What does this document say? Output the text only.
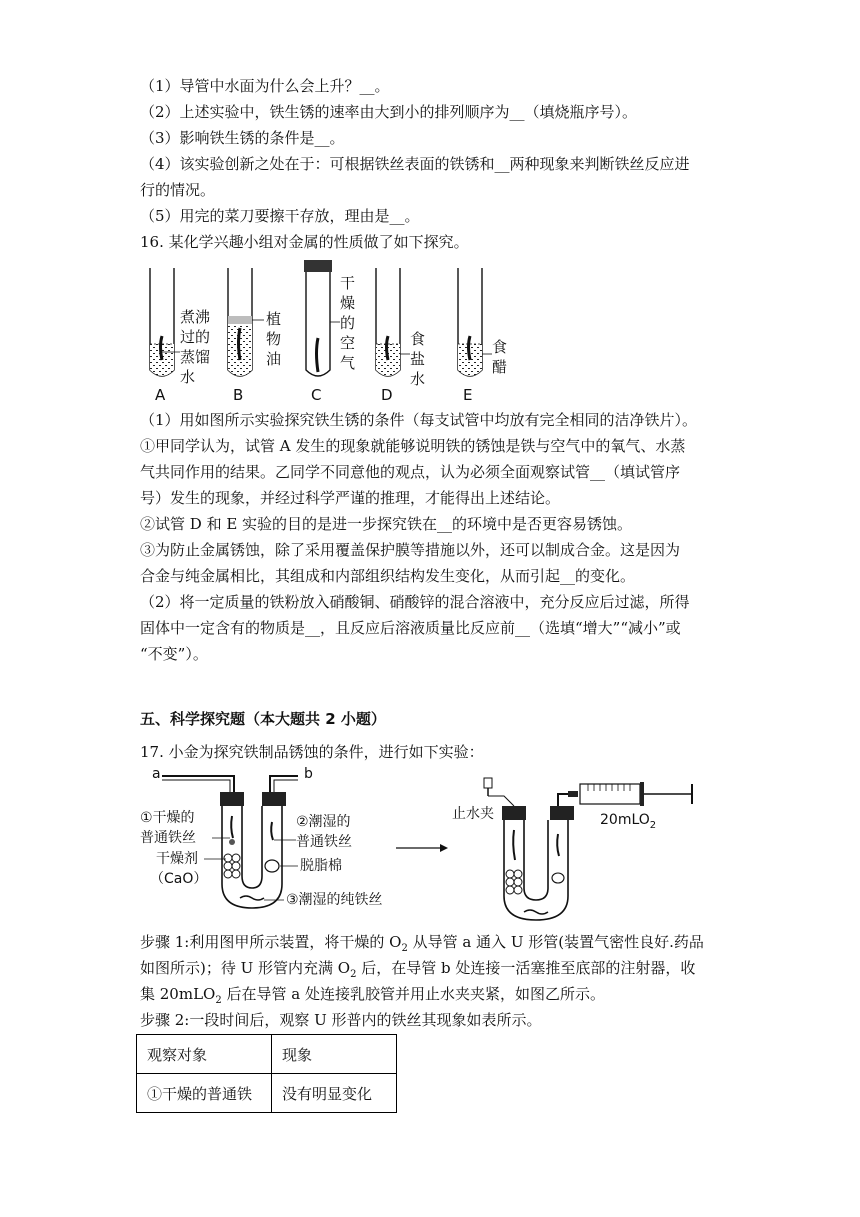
（1）导管中水面为什么会上升？__。
（2）上述实验中，铁生锈的速率由大到小的排列顺序为__（填烧瓶序号）。
（3）影响铁生锈的条件是__。
（4）该实验创新之处在于：可根据铁丝表面的铁锈和__两种现象来判断铁丝反应进
行的情况。
（5）用完的菜刀要擦干存放，理由是__。
16. 某化学兴趣小组对金属的性质做了如下探究。
煮沸
过的
蒸馏
水
A
植
物
油
B
干
燥
的
空
气
C
食
盐
水
D
食
醋
E
（1）用如图所示实验探究铁生锈的条件（每支试管中均放有完全相同的洁净铁片）。
①甲同学认为，试管 A 发生的现象就能够说明铁的锈蚀是铁与空气中的氧气、水蒸
气共同作用的结果。乙同学不同意他的观点，认为必须全面观察试管__（填试管序
号）发生的现象，并经过科学严谨的推理，才能得出上述结论。
②试管 D 和 E 实验的目的是进一步探究铁在__的环境中是否更容易锈蚀。
③为防止金属锈蚀，除了采用覆盖保护膜等措施以外，还可以制成合金。这是因为
合金与纯金属相比，其组成和内部组织结构发生变化，从而引起__的变化。
（2）将一定质量的铁粉放入硝酸铜、硝酸锌的混合溶液中，充分反应后过滤，所得
固体中一定含有的物质是__，且反应后溶液质量比反应前__（选填“增大”“减小”或
“不变”）。
五、科学探究题（本大题共 2 小题）
17. 小金为探究铁制品锈蚀的条件，进行如下实验：
a	b
①干燥的
普通铁丝
干燥剂
（CaO）
②潮湿的
普通铁丝
脱脂棉
③潮湿的纯铁丝
止水夹	20mLO$_2$
步骤 1:利用图甲所示装置，将干燥的 $O_2$ 从导管 a 通入 U 形管(装置气密性良好.药品
如图所示)；待 U 形管内充满 $O_2$ 后，在导管 b 处连接一活塞推至底部的注射器，收
集 20mLO$_2$ 后在导管 a 处连接乳胶管并用止水夹夹紧，如图乙所示。
步骤 2:一段时间后，观察 U 形普内的铁丝其现象如表所示。
观察对象	现象
①干燥的普通铁	没有明显变化
